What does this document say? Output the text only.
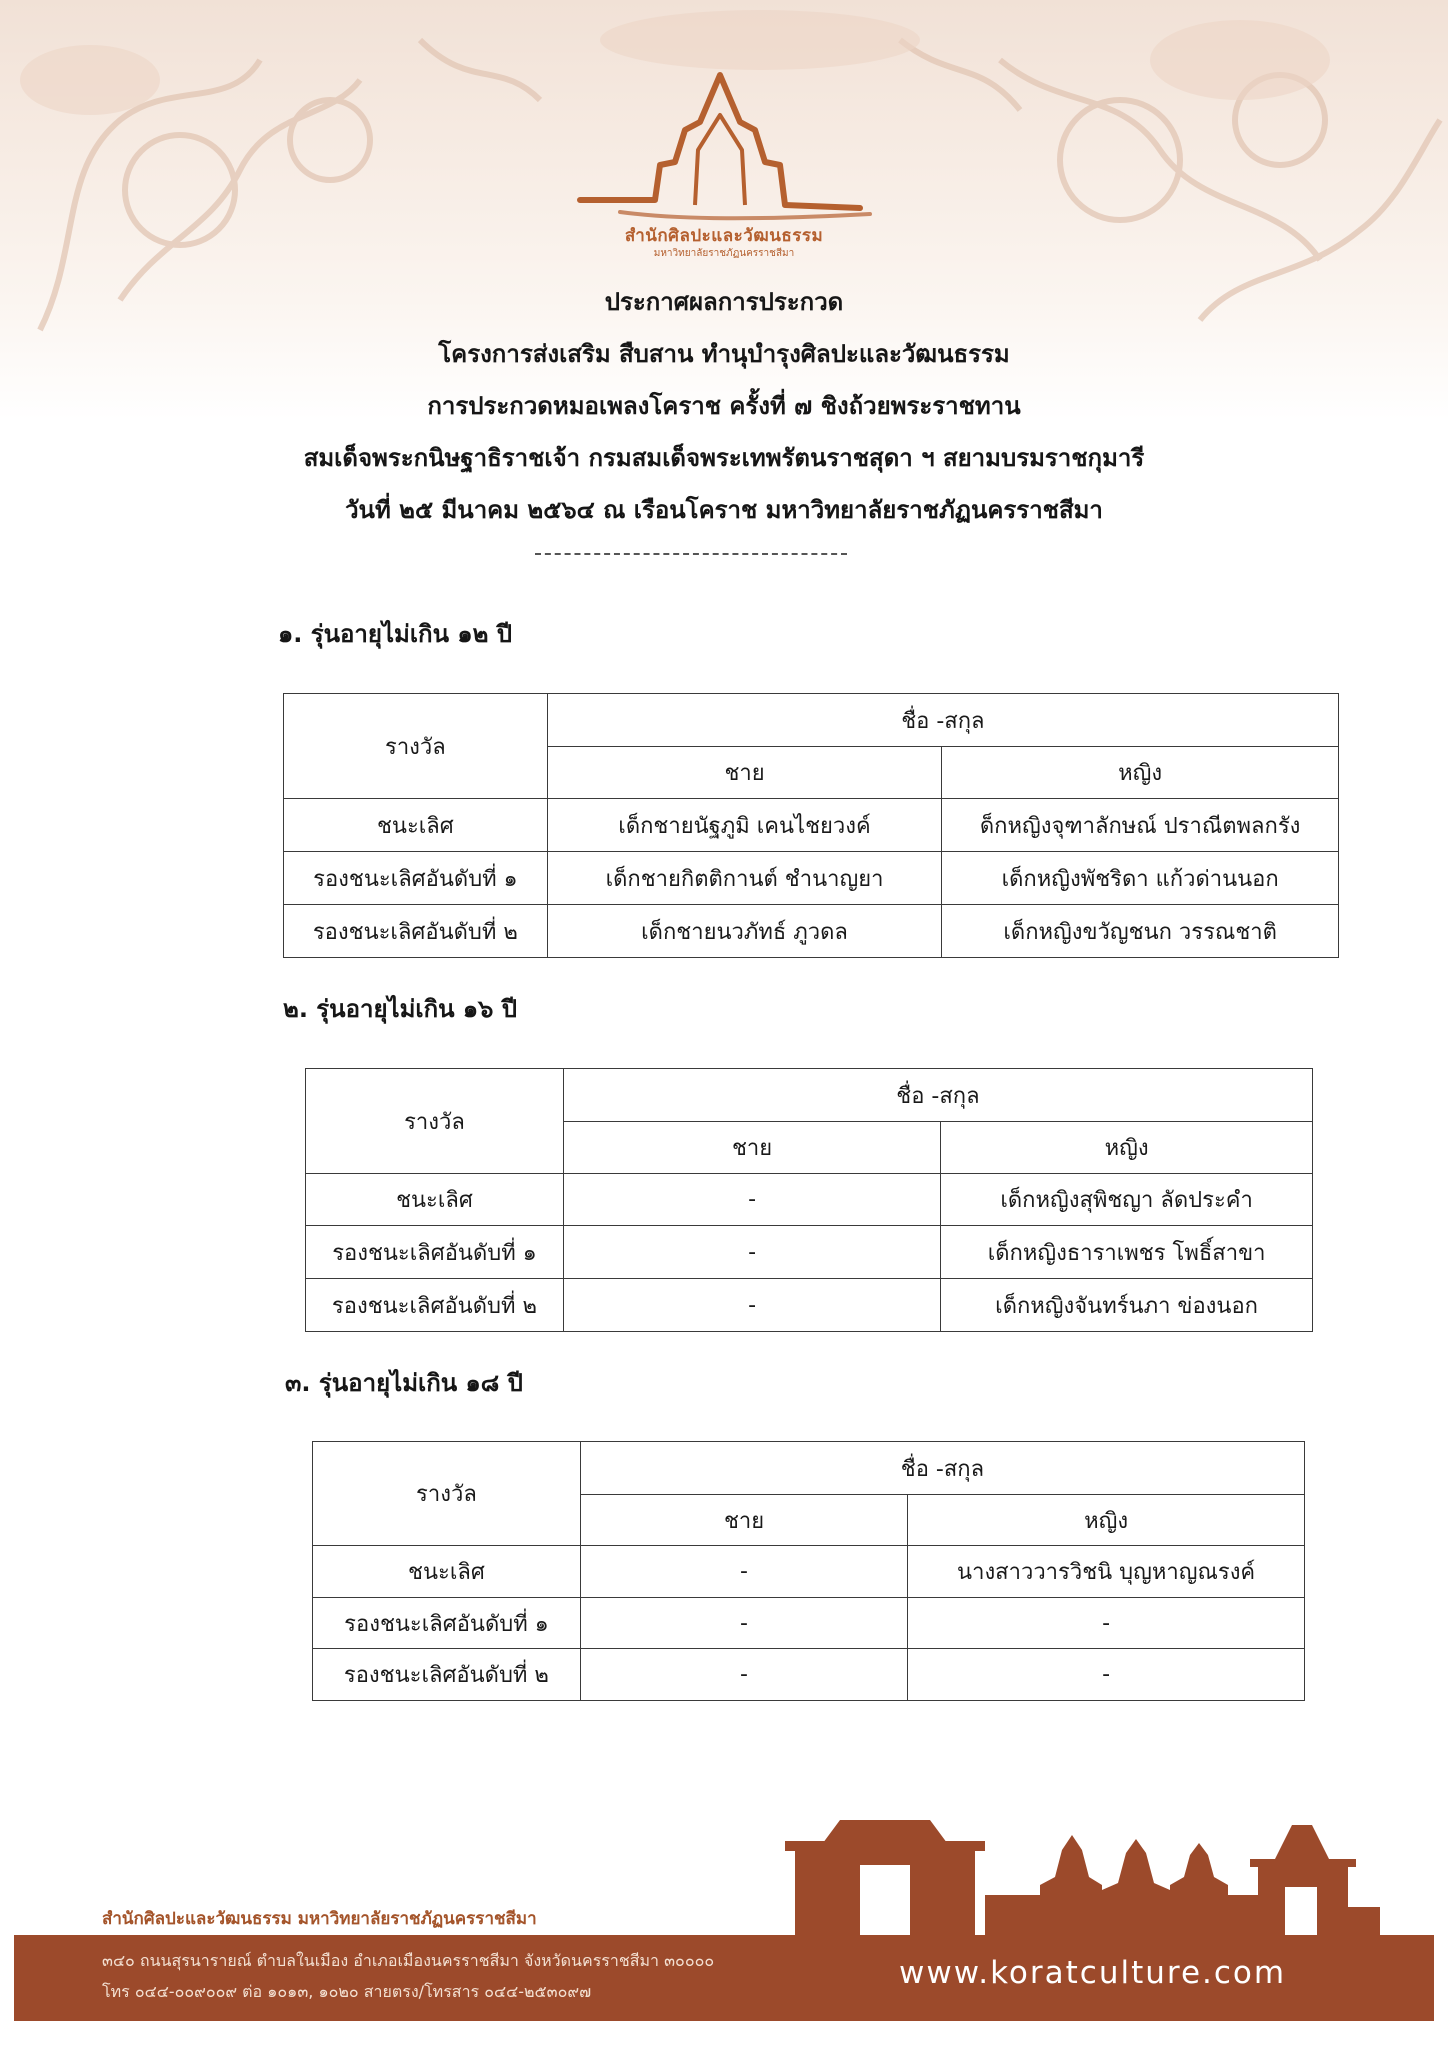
สำนักศิลปะและวัฒนธรรม
มหาวิทยาลัยราชภัฏนครราชสีมา
ประกาศผลการประกวด
โครงการส่งเสริม สืบสาน ทำนุบำรุงศิลปะและวัฒนธรรม
การประกวดหมอเพลงโคราช ครั้งที่ ๗ ชิงถ้วยพระราชทาน
สมเด็จพระกนิษฐาธิราชเจ้า กรมสมเด็จพระเทพรัตนราชสุดา ฯ สยามบรมราชกุมารี
วันที่ ๒๕ มีนาคม ๒๕๖๔ ณ เรือนโคราช มหาวิทยาลัยราชภัฏนครราชสีมา
๑. รุ่นอายุไม่เกิน ๑๒ ปี
รางวัล	ชื่อ -สกุล	
	ชาย	หญิง
ชนะเลิศ	เด็กชายนัฐภูมิ เคนไชยวงค์	ด็กหญิงจุฑาลักษณ์ ปราณีตพลกรัง
รองชนะเลิศอันดับที่ ๑	เด็กชายกิตติกานต์ ชำนาญยา	เด็กหญิงพัชริดา แก้วด่านนอก
รองชนะเลิศอันดับที่ ๒	เด็กชายนวภัทธ์ ภูวดล	เด็กหญิงขวัญชนก วรรณชาติ
๒. รุ่นอายุไม่เกิน ๑๖ ปี
รางวัล	ชื่อ -สกุล	
	ชาย	หญิง
ชนะเลิศ	-	เด็กหญิงสุพิชญา ลัดประคำ
รองชนะเลิศอันดับที่ ๑	-	เด็กหญิงธาราเพชร โพธิ์สาขา
รองชนะเลิศอันดับที่ ๒	-	เด็กหญิงจันทร์นภา ข่องนอก
๓. รุ่นอายุไม่เกิน ๑๘ ปี
รางวัล	ชื่อ -สกุล	
	ชาย	หญิง
ชนะเลิศ	-	นางสาววารวิชนิ บุญหาญณรงค์
รองชนะเลิศอันดับที่ ๑	-	-
รองชนะเลิศอันดับที่ ๒	-	-
สำนักศิลปะและวัฒนธรรม มหาวิทยาลัยราชภัฏนครราชสีมา
๓๔๐ ถนนสุรนารายณ์ ตำบลในเมือง อำเภอเมืองนครราชสีมา จังหวัดนครราชสีมา ๓๐๐๐๐
โทร ๐๔๔-๐๐๙๐๐๙ ต่อ ๑๐๑๓, ๑๐๒๐ สายตรง/โทรสาร ๐๔๔-๒๕๓๐๙๗
www.koratculture.com
